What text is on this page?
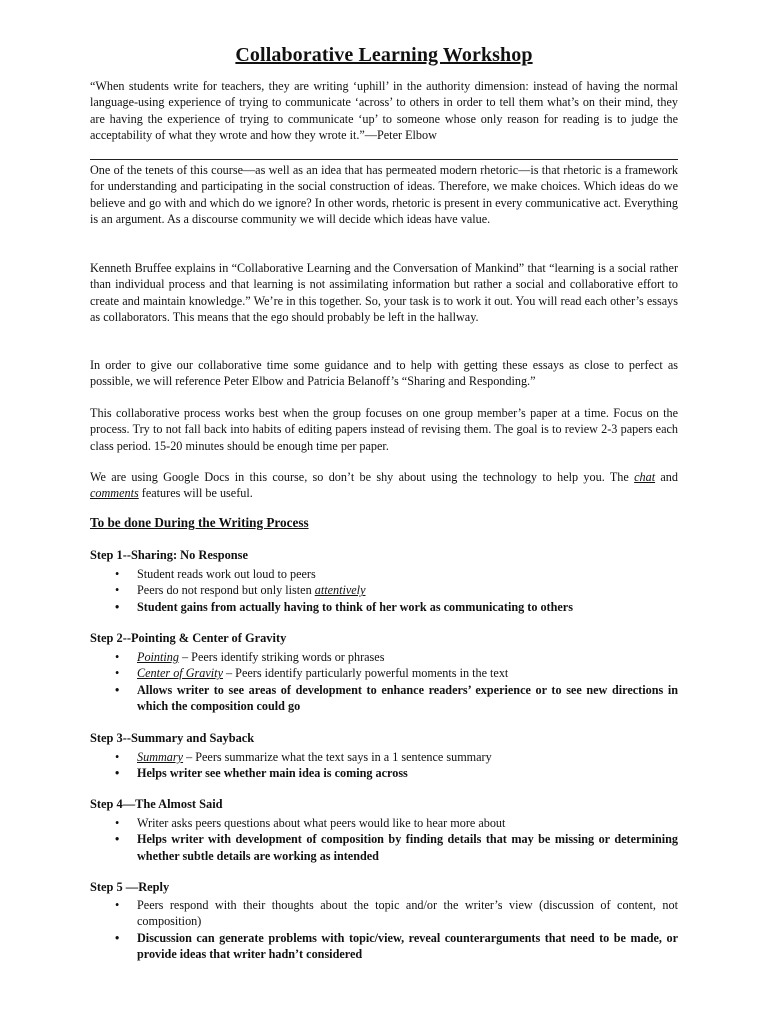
Collaborative Learning Workshop
“When students write for teachers, they are writing ‘uphill’ in the authority dimension: instead of having the normal language-using experience of trying to communicate ‘across’ to others in order to tell them what’s on their mind, they are having the experience of trying to communicate ‘up’ to someone whose only reason for reading is to judge the acceptability of what they wrote and how they wrote it.”—Peter Elbow

One of the tenets of this course—as well as an idea that has permeated modern rhetoric—is that rhetoric is a framework for understanding and participating in the social construction of ideas. Therefore, we make choices. Which ideas do we believe and go with and which do we ignore? In other words, rhetoric is present in every communicative act. Everything is an argument. As a discourse community we will decide which ideas have value.

Kenneth Bruffee explains in “Collaborative Learning and the Conversation of Mankind” that “learning is a social rather than individual process and that learning is not assimilating information but rather a social and collaborative effort to create and maintain knowledge.” We’re in this together. So, your task is to work it out. You will read each other’s essays as collaborators. This means that the ego should probably be left in the hallway.

In order to give our collaborative time some guidance and to help with getting these essays as close to perfect as possible, we will reference Peter Elbow and Patricia Belanoff’s “Sharing and Responding.”

This collaborative process works best when the group focuses on one group member’s paper at a time. Focus on the process. Try to not fall back into habits of editing papers instead of revising them. The goal is to review 2-3 papers each class period. 15-20 minutes should be enough time per paper.

We are using Google Docs in this course, so don’t be shy about using the technology to help you. The chat and comments features will be useful.

To be done During the Writing Process
Step 1--Sharing: No Response
• Student reads work out loud to peers
• Peers do not respond but only listen attentively
• Student gains from actually having to think of her work as communicating to others
Step 2--Pointing & Center of Gravity
• Pointing – Peers identify striking words or phrases
• Center of Gravity – Peers identify particularly powerful moments in the text
• Allows writer to see areas of development to enhance readers’ experience or to see new directions in which the composition could go
Step 3--Summary and Sayback
• Summary – Peers summarize what the text says in a 1 sentence summary
• Helps writer see whether main idea is coming across
Step 4—The Almost Said
• Writer asks peers questions about what peers would like to hear more about
• Helps writer with development of composition by finding details that may be missing or determining whether subtle details are working as intended
Step 5 —Reply
• Peers respond with their thoughts about the topic and/or the writer’s view (discussion of content, not composition)
• Discussion can generate problems with topic/view, reveal counterarguments that need to be made, or provide ideas that writer hadn’t considered
